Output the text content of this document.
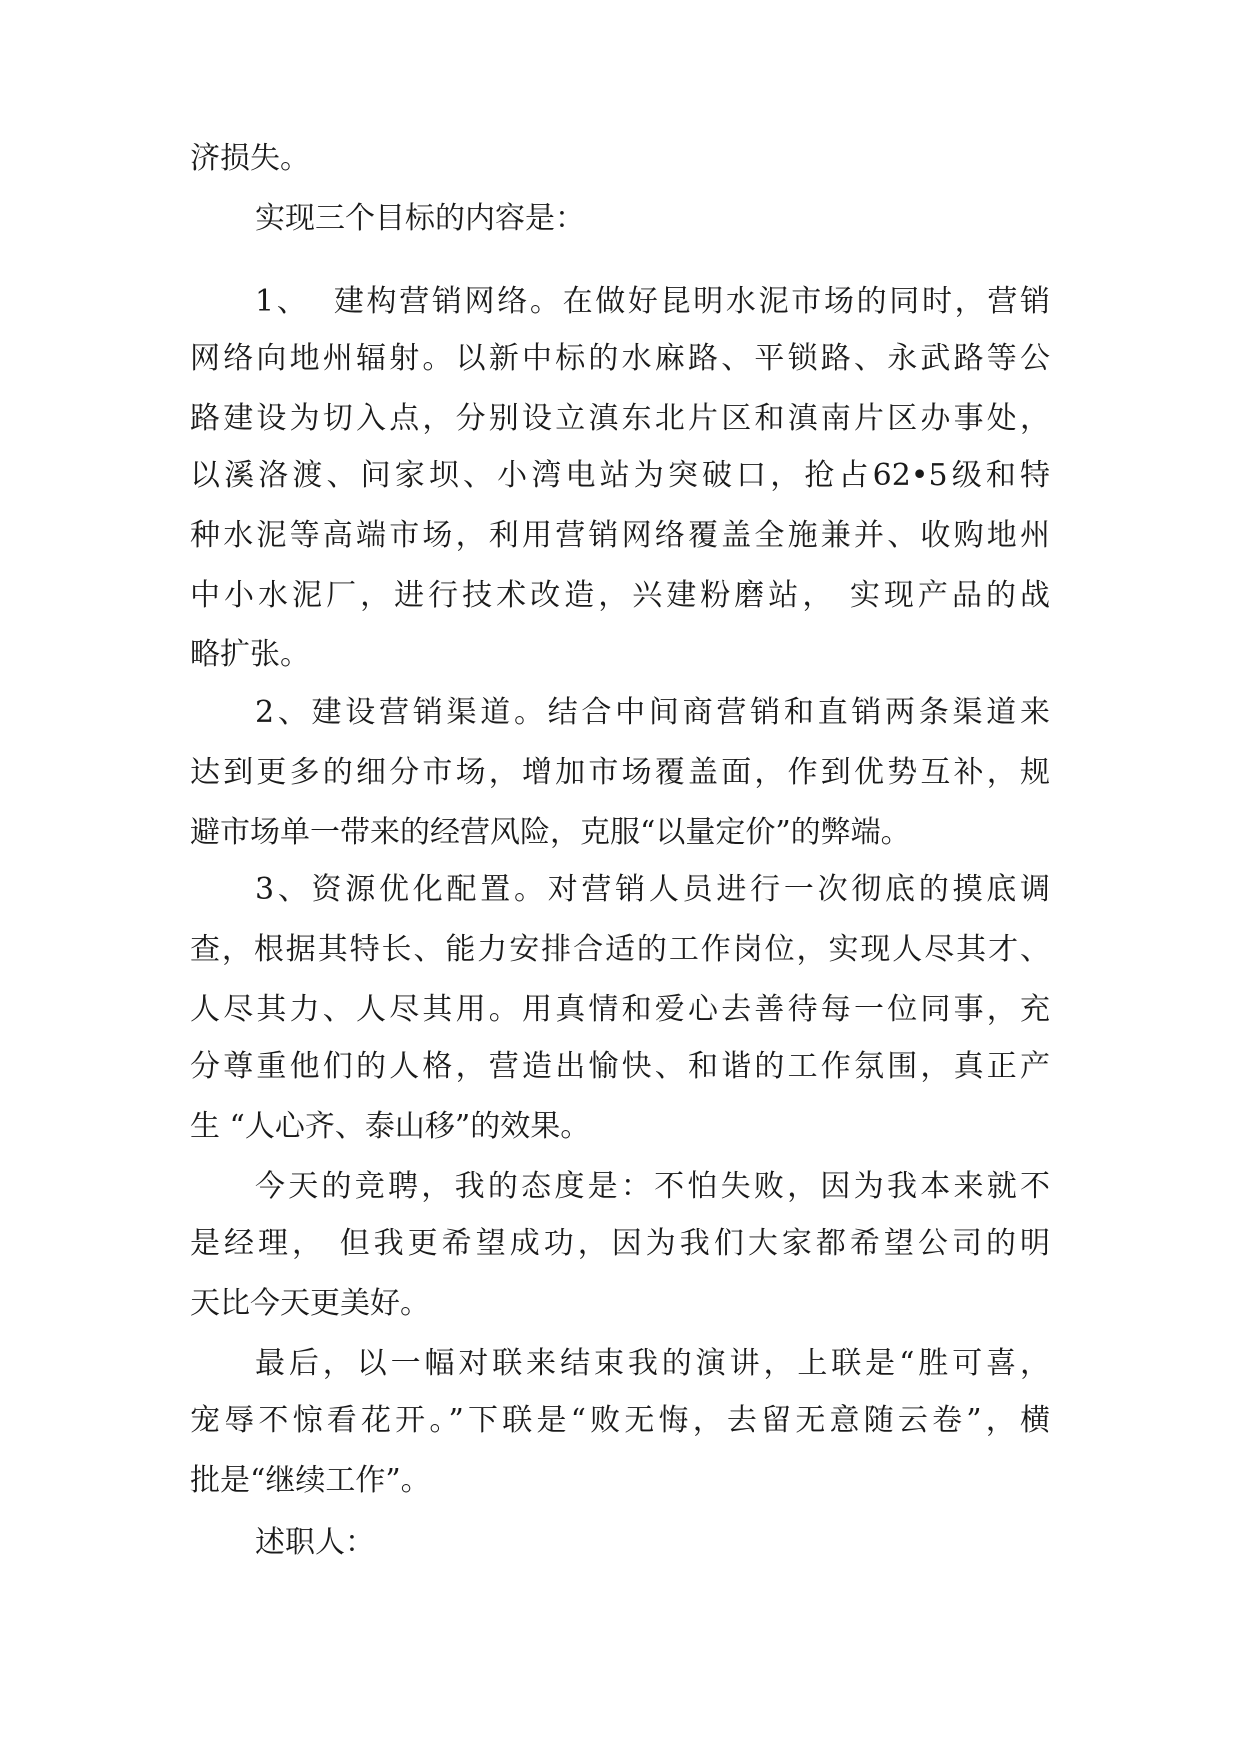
济损失。
实现三个目标的内容是：
1、  建构营销网络。在做好昆明水泥市场的同时，营销
网络向地州辐射。以新中标的水麻路、平锁路、永武路等公
路建设为切入点，分别设立滇东北片区和滇南片区办事处，
以溪洛渡、问家坝、小湾电站为突破口，抢占62•5级和特
种水泥等高端市场，利用营销网络覆盖全施兼并、收购地州
中小水泥厂，进行技术改造，兴建粉磨站， 实现产品的战
略扩张。
2、建设营销渠道。结合中间商营销和直销两条渠道来
达到更多的细分市场，增加市场覆盖面，作到优势互补，规
避市场单一带来的经营风险，克服“以量定价”的弊端。
3、资源优化配置。对营销人员进行一次彻底的摸底调
查，根据其特长、能力安排合适的工作岗位，实现人尽其才、
人尽其力、人尽其用。用真情和爱心去善待每一位同事，充
分尊重他们的人格，营造出愉快、和谐的工作氛围，真正产
生 “人心齐、泰山移”的效果。
今天的竞聘，我的态度是：不怕失败，因为我本来就不
是经理， 但我更希望成功，因为我们大家都希望公司的明
天比今天更美好。
最后，以一幅对联来结束我的演讲，上联是“胜可喜，
宠辱不惊看花开。”下联是“败无悔，去留无意随云卷”，横
批是“继续工作”。
述职人：
